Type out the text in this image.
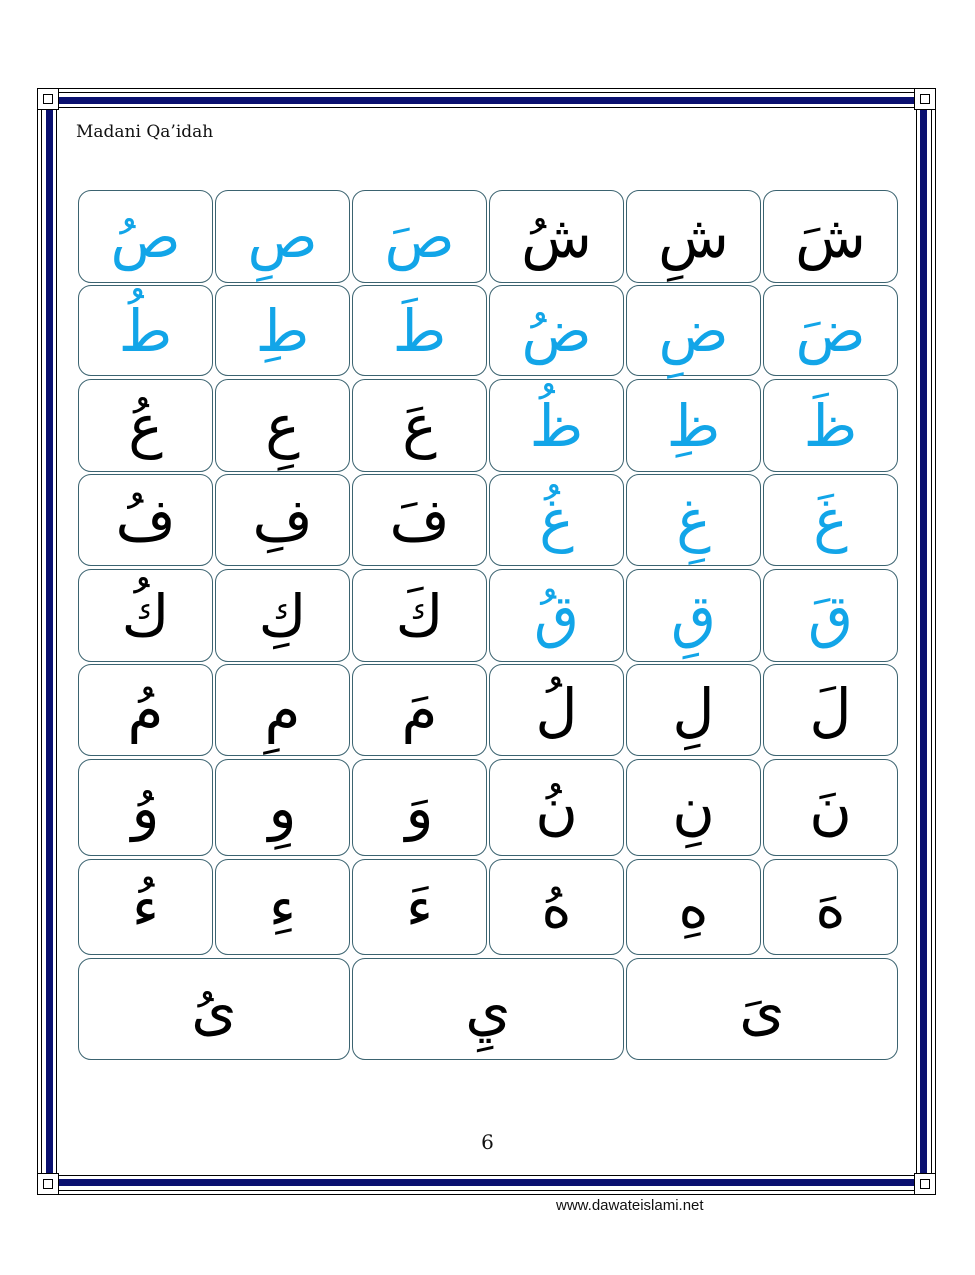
Madani Qa’idah
ص ص ص ش ش ش
ط ط ط ض ض ض
ع ع ع ظ ظ ظ
ف ف ف غ غ غ
ك ك ك ق ق ق
م م م ل ل ل
و و و ن ن ن
ء ء ء ه ه ه
ى	ي	ى
6
www.dawateislami.net
